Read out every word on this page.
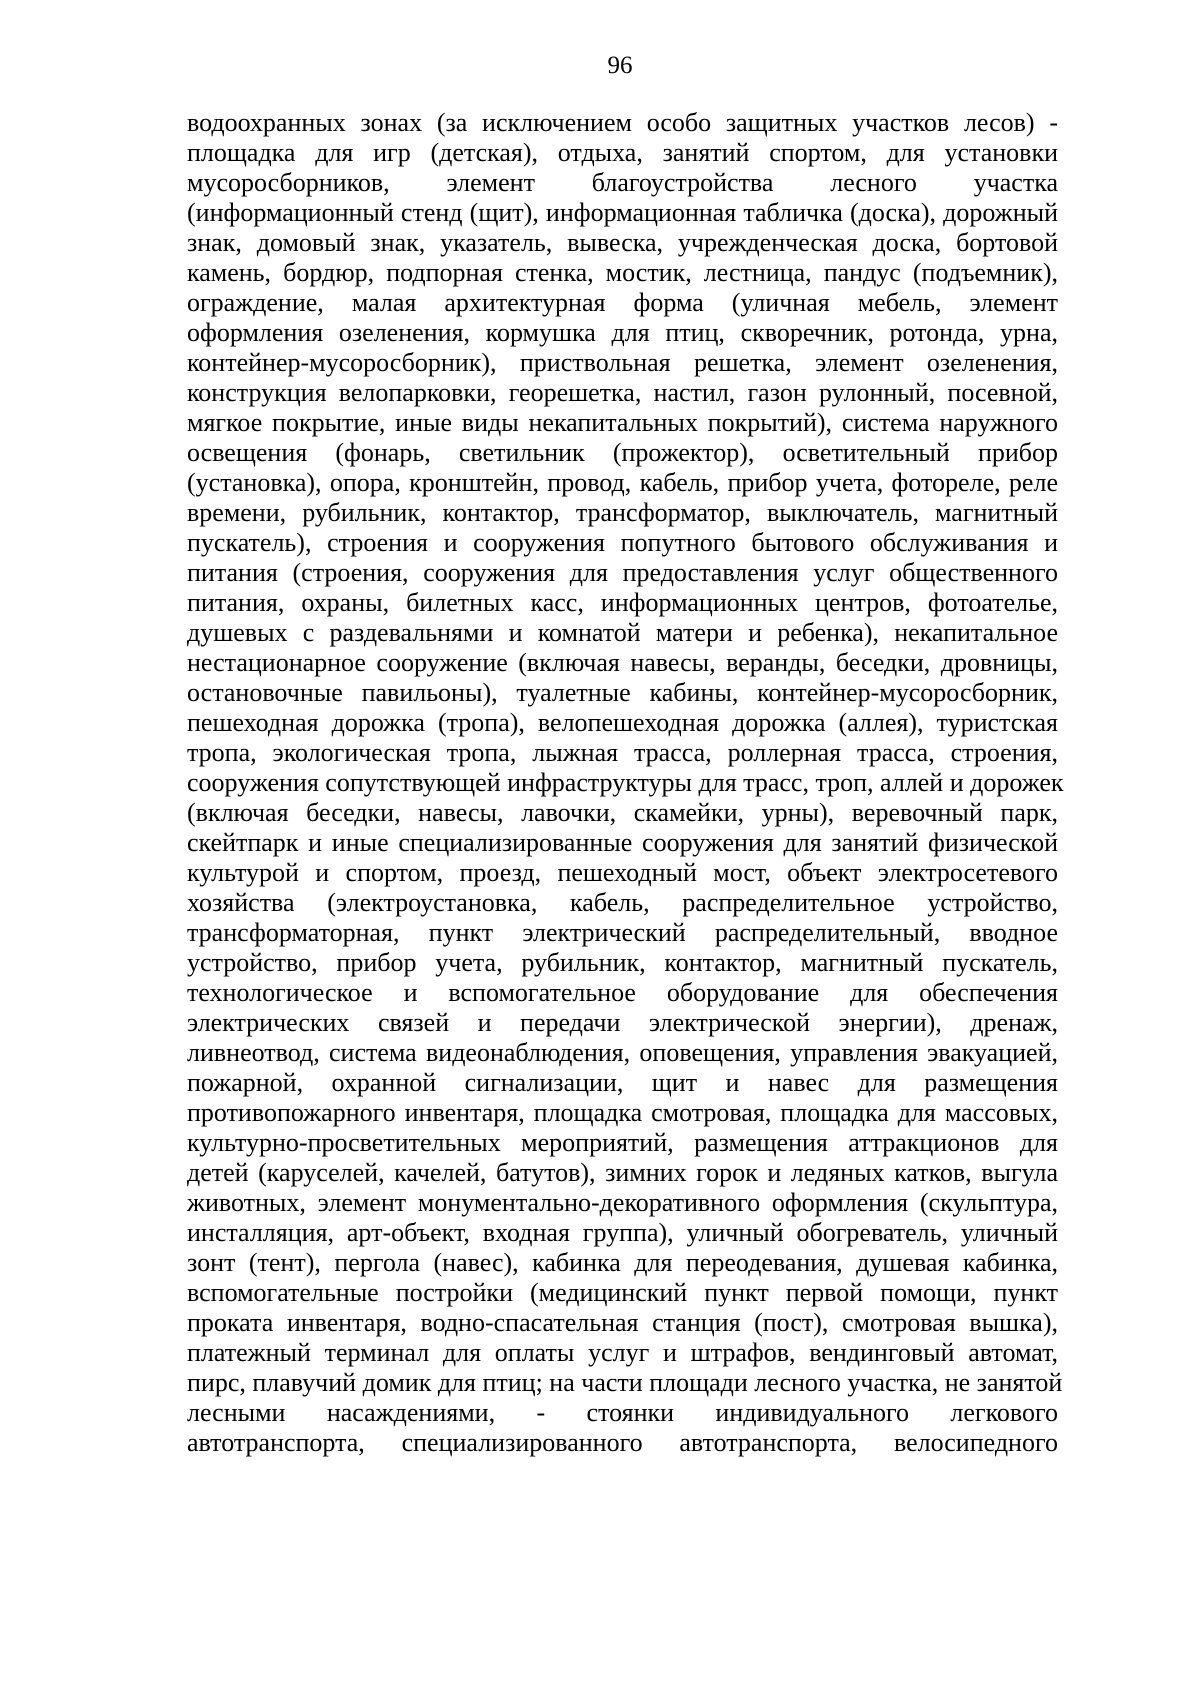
96
водоохранных зонах (за исключением особо защитных участков лесов) -
площадка для игр (детская), отдыха, занятий спортом, для установки
мусоросборников, элемент благоустройства лесного участка
(информационный стенд (щит), информационная табличка (доска), дорожный
знак, домовый знак, указатель, вывеска, учрежденческая доска, бортовой
камень, бордюр, подпорная стенка, мостик, лестница, пандус (подъемник),
ограждение, малая архитектурная форма (уличная мебель, элемент
оформления озеленения, кормушка для птиц, скворечник, ротонда, урна,
контейнер-мусоросборник), приствольная решетка, элемент озеленения,
конструкция велопарковки, георешетка, настил, газон рулонный, посевной,
мягкое покрытие, иные виды некапитальных покрытий), система наружного
освещения (фонарь, светильник (прожектор), осветительный прибор
(установка), опора, кронштейн, провод, кабель, прибор учета, фотореле, реле
времени, рубильник, контактор, трансформатор, выключатель, магнитный
пускатель), строения и сооружения попутного бытового обслуживания и
питания (строения, сооружения для предоставления услуг общественного
питания, охраны, билетных касс, информационных центров, фотоателье,
душевых с раздевальнями и комнатой матери и ребенка), некапитальное
нестационарное сооружение (включая навесы, веранды, беседки, дровницы,
остановочные павильоны), туалетные кабины, контейнер-мусоросборник,
пешеходная дорожка (тропа), велопешеходная дорожка (аллея), туристская
тропа, экологическая тропа, лыжная трасса, роллерная трасса, строения,
сооружения сопутствующей инфраструктуры для трасс, троп, аллей и дорожек
(включая беседки, навесы, лавочки, скамейки, урны), веревочный парк,
скейтпарк и иные специализированные сооружения для занятий физической
культурой и спортом, проезд, пешеходный мост, объект электросетевого
хозяйства (электроустановка, кабель, распределительное устройство,
трансформаторная, пункт электрический распределительный, вводное
устройство, прибор учета, рубильник, контактор, магнитный пускатель,
технологическое и вспомогательное оборудование для обеспечения
электрических связей и передачи электрической энергии), дренаж,
ливнеотвод, система видеонаблюдения, оповещения, управления эвакуацией,
пожарной, охранной сигнализации, щит и навес для размещения
противопожарного инвентаря, площадка смотровая, площадка для массовых,
культурно-просветительных мероприятий, размещения аттракционов для
детей (каруселей, качелей, батутов), зимних горок и ледяных катков, выгула
животных, элемент монументально-декоративного оформления (скульптура,
инсталляция, арт-объект, входная группа), уличный обогреватель, уличный
зонт (тент), пергола (навес), кабинка для переодевания, душевая кабинка,
вспомогательные постройки (медицинский пункт первой помощи, пункт
проката инвентаря, водно-спасательная станция (пост), смотровая вышка),
платежный терминал для оплаты услуг и штрафов, вендинговый автомат,
пирс, плавучий домик для птиц; на части площади лесного участка, не занятой
лесными насаждениями, - стоянки индивидуального легкового
автотранспорта, специализированного автотранспорта, велосипедного
